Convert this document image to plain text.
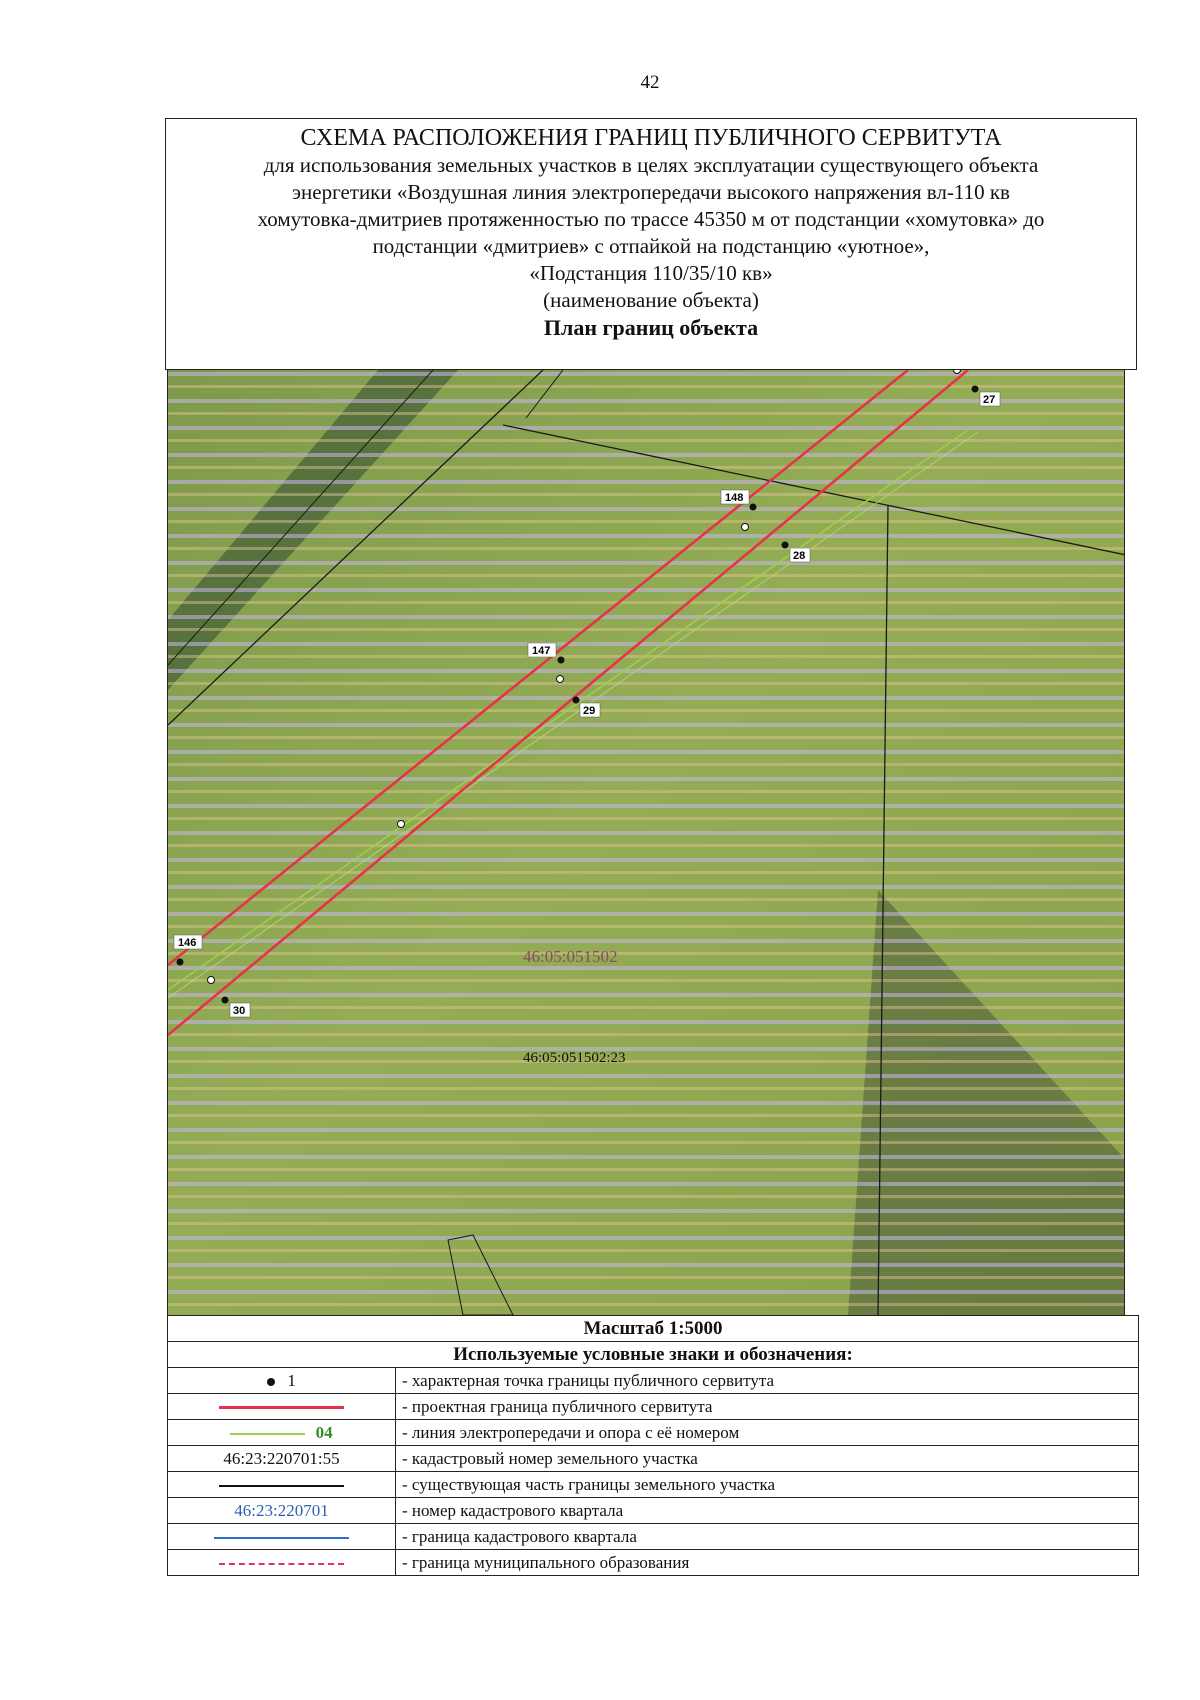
42
СХЕМА РАСПОЛОЖЕНИЯ ГРАНИЦ ПУБЛИЧНОГО СЕРВИТУТА
для использования земельных участков в целях эксплуатации существующего объекта
энергетики «Воздушная линия электропередачи высокого напряжения вл-110 кв
хомутовка-дмитриев протяженностью по трассе 45350 м от подстанции «хомутовка» до
подстанции «дмитриев» с отпайкой на подстанцию «уютное»,
«Подстанция 110/35/10 кв»
(наименование объекта)
План границ объекта
27
148
28
147
29
146
30
46:05:051502
46:05:051502:23
Масштаб 1:5000	
Используемые условные знаки и обозначения:	
1	- характерная точка границы публичного сервитута
	- проектная граница публичного сервитута
04	- линия электропередачи и опора с её номером
46:23:220701:55	- кадастровый номер земельного участка
	- существующая часть границы земельного участка
46:23:220701	- номер кадастрового квартала
	- граница кадастрового квартала
	- граница муниципального образования
